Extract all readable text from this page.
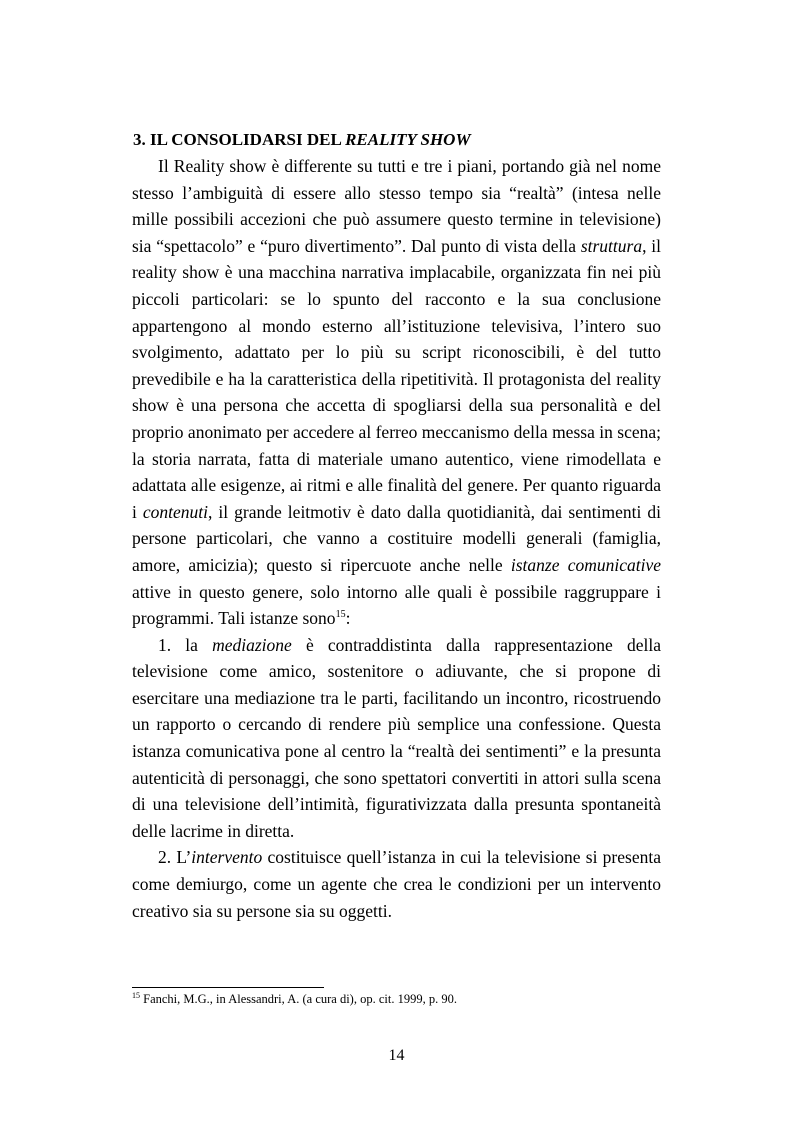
3. IL CONSOLIDARSI DEL REALITY SHOW

Il Reality show è differente su tutti e tre i piani, portando già nel nome stesso l’ambiguità di essere allo stesso tempo sia “realtà” (intesa nelle mille possibili accezioni che può assumere questo termine in televisione) sia “spettacolo” e “puro divertimento”. Dal punto di vista della struttura, il reality show è una macchina narrativa implacabile, organizzata fin nei più piccoli particolari: se lo spunto del racconto e la sua conclusione appartengono al mondo esterno all’istituzione televisiva, l’intero suo svolgimento, adattato per lo più su script riconoscibili, è del tutto prevedibile e ha la caratteristica della ripetitività. Il protagonista del reality show è una persona che accetta di spogliarsi della sua personalità e del proprio anonimato per accedere al ferreo meccanismo della messa in scena; la storia narrata, fatta di materiale umano autentico, viene rimodellata e adattata alle esigenze, ai ritmi e alle finalità del genere. Per quanto riguarda i contenuti, il grande leitmotiv è dato dalla quotidianità, dai sentimenti di persone particolari, che vanno a costituire modelli generali (famiglia, amore, amicizia); questo si ripercuote anche nelle istanze comunicative attive in questo genere, solo intorno alle quali è possibile raggruppare i programmi. Tali istanze sono$^{15}$:

1. la mediazione è contraddistinta dalla rappresentazione della televisione come amico, sostenitore o adiuvante, che si propone di esercitare una mediazione tra le parti, facilitando un incontro, ricostruendo un rapporto o cercando di rendere più semplice una confessione. Questa istanza comunicativa pone al centro la “realtà dei sentimenti” e la presunta autenticità di personaggi, che sono spettatori convertiti in attori sulla scena di una televisione dell’intimità, figurativizzata dalla presunta spontaneità delle lacrime in diretta.

2. L’intervento costituisce quell’istanza in cui la televisione si presenta come demiurgo, come un agente che crea le condizioni per un intervento creativo sia su persone sia su oggetti.

$^{15}$ Fanchi, M.G., in Alessandri, A. (a cura di), op. cit. 1999, p. 90.
14
